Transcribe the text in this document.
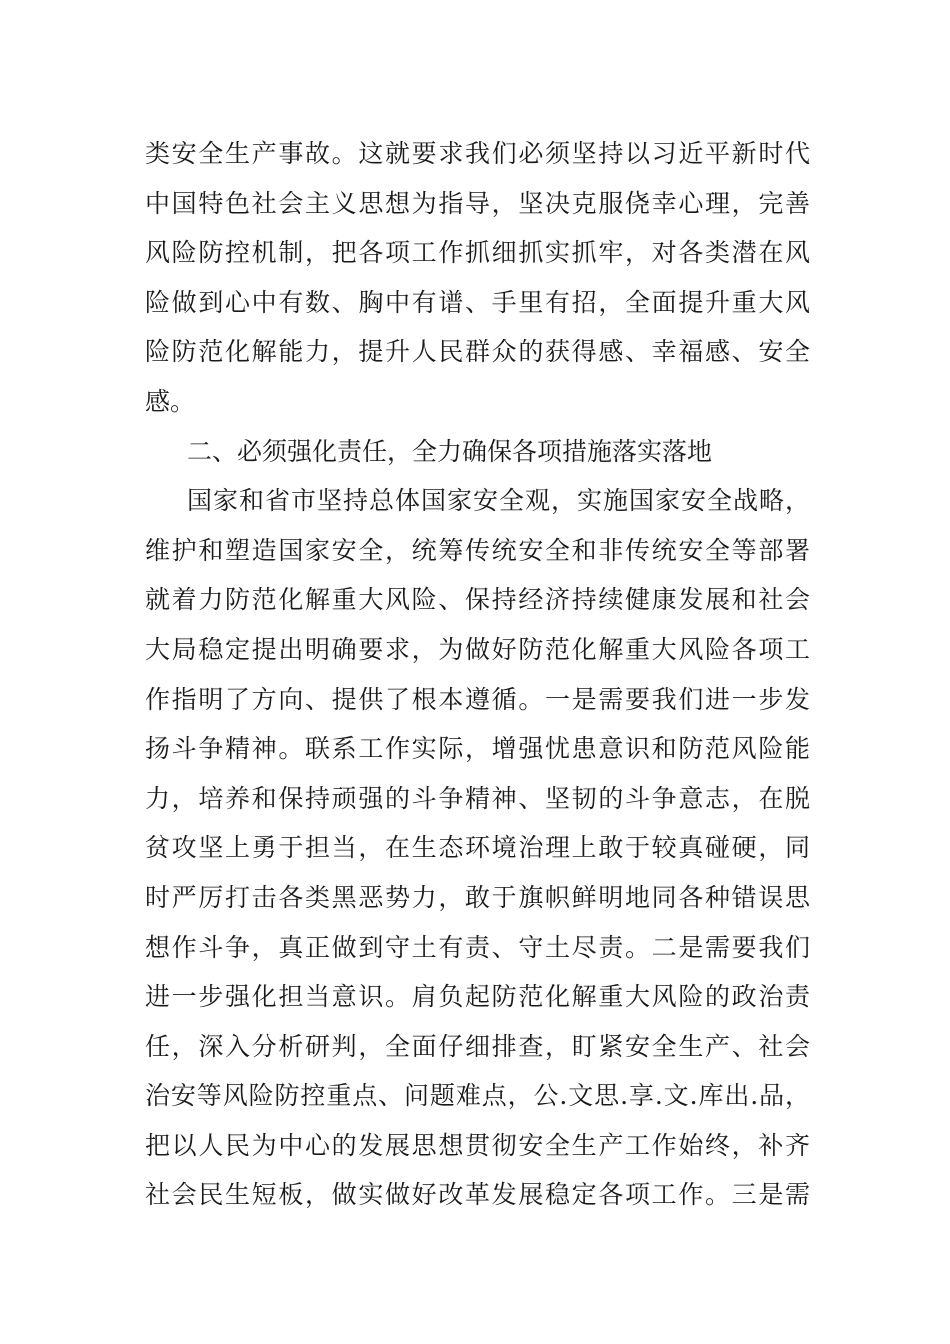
类安全生产事故。这就要求我们必须坚持以习近平新时代
中国特色社会主义思想为指导，坚决克服侥幸心理，完善
风险防控机制，把各项工作抓细抓实抓牢，对各类潜在风
险做到心中有数、胸中有谱、手里有招，全面提升重大风
险防范化解能力，提升人民群众的获得感、幸福感、安全
感。
二、必须强化责任，全力确保各项措施落实落地
国家和省市坚持总体国家安全观，实施国家安全战略，
维护和塑造国家安全，统筹传统安全和非传统安全等部署
就着力防范化解重大风险、保持经济持续健康发展和社会
大局稳定提出明确要求，为做好防范化解重大风险各项工
作指明了方向、提供了根本遵循。一是需要我们进一步发
扬斗争精神。联系工作实际，增强忧患意识和防范风险能
力，培养和保持顽强的斗争精神、坚韧的斗争意志，在脱
贫攻坚上勇于担当，在生态环境治理上敢于较真碰硬，同
时严厉打击各类黑恶势力，敢于旗帜鲜明地同各种错误思
想作斗争，真正做到守土有责、守土尽责。二是需要我们
进一步强化担当意识。肩负起防范化解重大风险的政治责
任，深入分析研判，全面仔细排查，盯紧安全生产、社会
治安等风险防控重点、问题难点，公.文思.享.文.库出.品，
把以人民为中心的发展思想贯彻安全生产工作始终，补齐
社会民生短板，做实做好改革发展稳定各项工作。三是需
